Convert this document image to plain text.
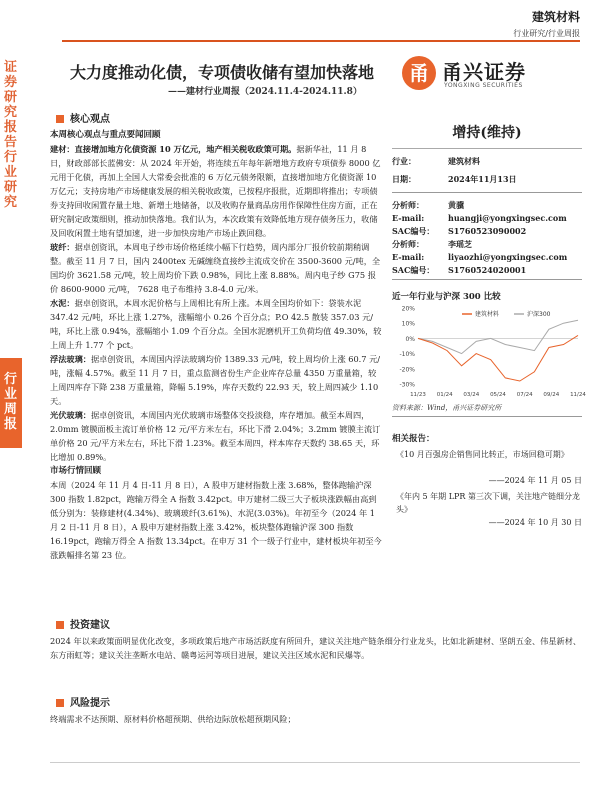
建筑材料
行业研究/行业周报
证券研究报告 行业研究
行业周报
大力度推动化债，专项债收储有望加快落地
——建材行业周报（2024.11.4-2024.11.8）
甬 甬兴证券
YONGXING SECURITIES
核心观点

本周核心观点与重点要闻回顾

建材：直接增加地方化债资源 10 万亿元，地产相关税收政策可期。据新华社，11 月 8 日，财政部部长蓝佛安：从 2024 年开始，将连续五年每年新增地方政府专项债券 8000 亿元用于化债，再加上全国人大常委会批准的 6 万亿元债务限额，直接增加地方化债资源 10 万亿元；支持房地产市场健康发展的相关税收政策，已按程序报批，近期即将推出；专项债券支持回收闲置存量土地、新增土地储备，以及收购存量商品房用作保障性住房方面，正在研究制定政策细则，推动加快落地。我们认为，本次政策有效降低地方现存债务压力，收储及回收闲置土地有望加速，进一步加快房地产市场止跌回稳。

玻纤：据卓创资讯，本周电子纱市场价格延续小幅下行趋势，周内部分厂报价较前期稍调整。截至 11 月 7 日，国内 2400tex 无碱缠绕直接纱主流成交价在 3500-3600 元/吨，全国均价 3621.58 元/吨，较上周均价下跌 0.98%，同比上涨 8.88%。周内电子纱 G75 报价 8600-9000 元/吨， 7628 电子布维持 3.8-4.0 元/米。

水泥：据卓创资讯，本周水泥价格与上周相比有所上涨。本周全国均价如下：袋装水泥 347.42 元/吨，环比上涨 1.27%，涨幅缩小 0.26 个百分点；P.O 42.5 散装 357.03 元/吨，环比上涨 0.94%，涨幅缩小 1.09 个百分点。全国水泥磨机开工负荷均值 49.30%，较上周上升 1.77 个 pct。

浮法玻璃：据卓创资讯，本周国内浮法玻璃均价 1389.33 元/吨，较上周均价上涨 60.7 元/吨，涨幅 4.57%。截至 11 月 7 日，重点监测省份生产企业库存总量 4350 万重量箱，较上周四库存下降 238 万重量箱，降幅 5.19%，库存天数约 22.93 天，较上周四减少 1.10 天。

光伏玻璃：据卓创资讯，本周国内光伏玻璃市场整体交投淡稳，库存增加。截至本周四，2.0mm 镀膜面板主流订单价格 12 元/平方米左右，环比下滑 2.04%；3.2mm 镀膜主流订单价格 20 元/平方米左右，环比下滑 1.23%。截至本周四，样本库存天数约 38.65 天，环比增加 0.89%。

市场行情回顾

本周（2024 年 11 月 4 日-11 月 8 日），A 股申万建材指数上涨 3.68%，整体跑输沪深 300 指数 1.82pct，跑输万得全 A 指数 3.42pct。申万建材二级三大子板块涨跌幅由高到低分别为：装修建材(4.34%)、玻璃玻纤(3.61%)、水泥(3.03%)。年初至今（2024 年 1 月 2 日-11 月 8 日），A 股申万建材指数上涨 3.42%，板块整体跑输沪深 300 指数 16.19pct，跑输万得全 A 指数 13.34pct。在申万 31 个一级子行业中，建材板块年初至今涨跌幅排名第 23 位。

投资建议

2024 年以来政策面明显优化改变，多项政策后地产市场活跃度有所回升，建议关注地产链条细分行业龙头，比如北新建材、坚朗五金、伟星新材、东方雨虹等；建议关注垄断水电站、赣粤运河等项目进展，建议关注区域水泥和民爆等。

风险提示

终端需求不达预期、原材料价格超预期、供给边际放松超预期风险；

增持(维持)
行业：	建筑材料
日期：	2024年11月13日
分析师：	黄骥
E-mail:	huangji@yongxingsec.com
SAC编号： S1760523090002
分析师：	李瑶芝
E-mail:	liyaozhi@yongxingsec.com
SAC编号： S1760524020001
近一年行业与沪深 300 比较
20%
10%
0%
-10%
-20%
-30%
11/23 01/24 03/24 05/24 07/24 09/24 11/24
建筑材料	沪深300
资料来源：Wind，甬兴证券研究所
相关报告：
《10 月百强房企销售同比转正，市场回稳可期》
——2024 年 11 月 05 日
《年内 5 年期 LPR 第三次下调，关注地产链细分龙头》
——2024 年 10 月 30 日
